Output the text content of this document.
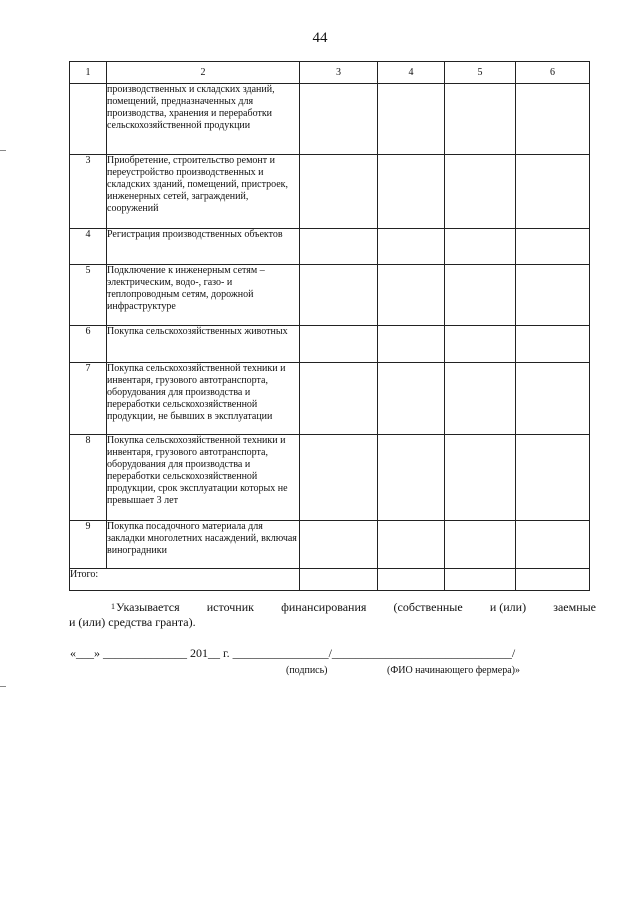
44
1	2	3	4	5	6
	производственных и складских зданий, помещений, предназначенных для производства, хранения и переработки сельскохозяйственной продукции				
3	Приобретение, строительство ремонт и переустройство производственных и складских зданий, помещений, пристроек, инженерных сетей, заграждений, сооружений				
4	Регистрация производственных объектов				
5	Подключение к инженерным сетям – электрическим, водо-, газо- и теплопроводным сетям, дорожной инфраструктуре				
6	Покупка сельскохозяйственных животных				
7	Покупка сельскохозяйственной техники и инвентаря, грузового автотранспорта, оборудования для производства и переработки сельскохозяйственной продукции, не бывших в эксплуатации				
8	Покупка сельскохозяйственной техники и инвентаря, грузового автотранспорта, оборудования для производства и переработки сельскохозяйственной продукции, срок эксплуатации которых не превышает 3 лет				
9	Покупка посадочного материала для закладки многолетних насаждений, включая виноградники				
Итого:					
$^1$Указывается источник финансирования (собственные и (или) заемные
и (или) средства гранта).
«___» ______________ 201__ г. ________________/______________________________/
(подпись)	(ФИО начинающего фермера)»
